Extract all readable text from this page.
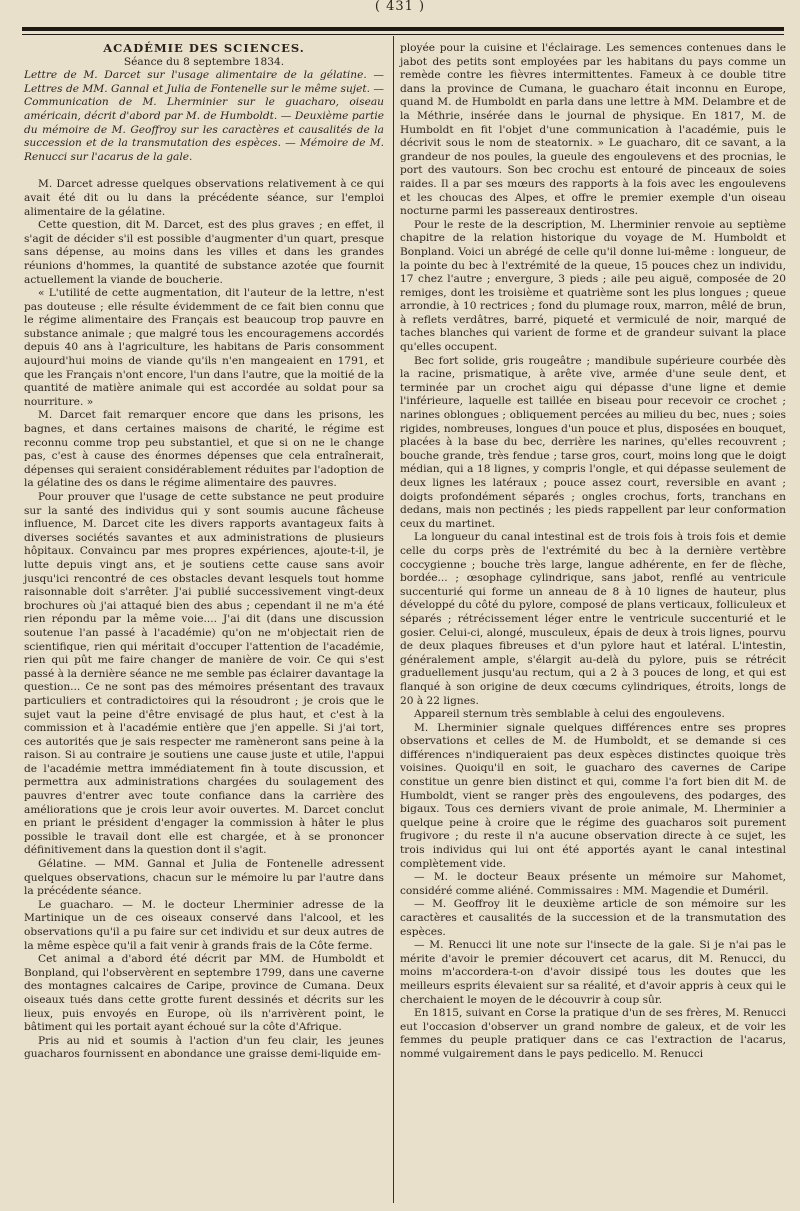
( 431 )

ACADÉMIE DES SCIENCES.

Séance du 8 septembre 1834.

Lettre de M. Darcet sur l'usage alimentaire de la gélatine. — Lettres de MM. Gannal et Julia de Fontenelle sur le même sujet. — Communication de M. Lherminier sur le guacharo, oiseau américain, décrit d'abord par M. de Humboldt. — Deuxième partie du mémoire de M. Geoffroy sur les caractères et causalités de la succession et de la transmutation des espèces. — Mémoire de M. Renucci sur l'acarus de la gale.

M. Darcet adresse quelques observations relativement à ce qui avait été dit ou lu dans la précédente séance, sur l'emploi alimentaire de la gélatine.

Cette question, dit M. Darcet, est des plus graves ; en effet, il s'agit de décider s'il est possible d'augmenter d'un quart, presque sans dépense, au moins dans les villes et dans les grandes réunions d'hommes, la quantité de substance azotée que fournit actuellement la viande de boucherie.

« L'utilité de cette augmentation, dit l'auteur de la lettre, n'est pas douteuse ; elle résulte évidemment de ce fait bien connu que le régime alimentaire des Français est beaucoup trop pauvre en substance animale ; que malgré tous les encouragemens accordés depuis 40 ans à l'agriculture, les habitans de Paris consomment aujourd'hui moins de viande qu'ils n'en mangeaient en 1791, et que les Français n'ont encore, l'un dans l'autre, que la moitié de la quantité de matière animale qui est accordée au soldat pour sa nourriture. »

M. Darcet fait remarquer encore que dans les prisons, les bagnes, et dans certaines maisons de charité, le régime est reconnu comme trop peu substantiel, et que si on ne le change pas, c'est à cause des énormes dépenses que cela entraînerait, dépenses qui seraient considérablement réduites par l'adoption de la gélatine des os dans le régime alimentaire des pauvres.

Pour prouver que l'usage de cette substance ne peut produire sur la santé des individus qui y sont soumis aucune fâcheuse influence, M. Darcet cite les divers rapports avantageux faits à diverses sociétés savantes et aux administrations de plusieurs hôpitaux. Convaincu par mes propres expériences, ajoute-t-il, je lutte depuis vingt ans, et je soutiens cette cause sans avoir jusqu'ici rencontré de ces obstacles devant lesquels tout homme raisonnable doit s'arrêter. J'ai publié successivement vingt-deux brochures où j'ai attaqué bien des abus ; cependant il ne m'a été rien répondu par la même voie.... J'ai dit (dans une discussion soutenue l'an passé à l'académie) qu'on ne m'objectait rien de scientifique, rien qui méritait d'occuper l'attention de l'académie, rien qui pût me faire changer de manière de voir. Ce qui s'est passé à la dernière séance ne me semble pas éclairer davantage la question... Ce ne sont pas des mémoires présentant des travaux particuliers et contradictoires qui la résoudront ; je crois que le sujet vaut la peine d'être envisagé de plus haut, et c'est à la commission et à l'académie entière que j'en appelle. Si j'ai tort, ces autorités que je sais respecter me ramèneront sans peine à la raison. Si au contraire je soutiens une cause juste et utile, l'appui de l'académie mettra immédiatement fin à toute discussion, et permettra aux administrations chargées du soulagement des pauvres d'entrer avec toute confiance dans la carrière des améliorations que je crois leur avoir ouvertes. M. Darcet conclut en priant le président d'engager la commission à hâter le plus possible le travail dont elle est chargée, et à se prononcer définitivement dans la question dont il s'agit.

Gélatine. — MM. Gannal et Julia de Fontenelle adressent quelques observations, chacun sur le mémoire lu par l'autre dans la précédente séance.

Le guacharo. — M. le docteur Lherminier adresse de la Martinique un de ces oiseaux conservé dans l'alcool, et les observations qu'il a pu faire sur cet individu et sur deux autres de la même espèce qu'il a fait venir à grands frais de la Côte ferme.

Cet animal a d'abord été décrit par MM. de Humboldt et Bonpland, qui l'observèrent en septembre 1799, dans une caverne des montagnes calcaires de Caripe, province de Cumana. Deux oiseaux tués dans cette grotte furent dessinés et décrits sur les lieux, puis envoyés en Europe, où ils n'arrivèrent point, le bâtiment qui les portait ayant échoué sur la côte d'Afrique.

Pris au nid et soumis à l'action d'un feu clair, les jeunes guacharos fournissent en abondance une graisse demi-liquide em-

ployée pour la cuisine et l'éclairage. Les semences contenues dans le jabot des petits sont employées par les habitans du pays comme un remède contre les fièvres intermittentes. Fameux à ce double titre dans la province de Cumana, le guacharo était inconnu en Europe, quand M. de Humboldt en parla dans une lettre à MM. Delambre et de la Méthrie, insérée dans le journal de physique. En 1817, M. de Humboldt en fit l'objet d'une communication à l'académie, puis le décrivit sous le nom de steatornix. » Le guacharo, dit ce savant, a la grandeur de nos poules, la gueule des engoulevens et des procnias, le port des vautours. Son bec crochu est entouré de pinceaux de soies raides. Il a par ses mœurs des rapports à la fois avec les engoulevens et les choucas des Alpes, et offre le premier exemple d'un oiseau nocturne parmi les passereaux dentirostres.

Pour le reste de la description, M. Lherminier renvoie au septième chapitre de la relation historique du voyage de M. Humboldt et Bonpland. Voici un abrégé de celle qu'il donne lui-même : longueur, de la pointe du bec à l'extrémité de la queue, 15 pouces chez un individu, 17 chez l'autre ; envergure, 3 pieds ; aile peu aiguë, composée de 20 remiges, dont les troisième et quatrième sont les plus longues ; queue arrondie, à 10 rectrices ; fond du plumage roux, marron, mêlé de brun, à reflets verdâtres, barré, piqueté et vermiculé de noir, marqué de taches blanches qui varient de forme et de grandeur suivant la place qu'elles occupent.

Bec fort solide, gris rougeâtre ; mandibule supérieure courbée dès la racine, prismatique, à arête vive, armée d'une seule dent, et terminée par un crochet aigu qui dépasse d'une ligne et demie l'inférieure, laquelle est taillée en biseau pour recevoir ce crochet ; narines oblongues ; obliquement percées au milieu du bec, nues ; soies rigides, nombreuses, longues d'un pouce et plus, disposées en bouquet, placées à la base du bec, derrière les narines, qu'elles recouvrent ; bouche grande, très fendue ; tarse gros, court, moins long que le doigt médian, qui a 18 lignes, y compris l'ongle, et qui dépasse seulement de deux lignes les latéraux ; pouce assez court, reversible en avant ; doigts profondément séparés ; ongles crochus, forts, tranchans en dedans, mais non pectinés ; les pieds rappellent par leur conformation ceux du martinet.

La longueur du canal intestinal est de trois fois à trois fois et demie celle du corps près de l'extrémité du bec à la dernière vertèbre coccygienne ; bouche très large, langue adhérente, en fer de flèche, bordée... ; œsophage cylindrique, sans jabot, renflé au ventricule succenturié qui forme un anneau de 8 à 10 lignes de hauteur, plus développé du côté du pylore, composé de plans verticaux, folliculeux et séparés ; rétrécissement léger entre le ventricule succenturié et le gosier. Celui-ci, alongé, musculeux, épais de deux à trois lignes, pourvu de deux plaques fibreuses et d'un pylore haut et latéral. L'intestin, généralement ample, s'élargit au-delà du pylore, puis se rétrécit graduellement jusqu'au rectum, qui a 2 à 3 pouces de long, et qui est flanqué à son origine de deux cœcums cylindriques, étroits, longs de 20 à 22 lignes.

Appareil sternum très semblable à celui des engoulevens.

M. Lherminier signale quelques différences entre ses propres observations et celles de M. de Humboldt, et se demande si ces différences n'indiqueraient pas deux espèces distinctes quoique très voisines. Quoiqu'il en soit, le guacharo des cavernes de Caripe constitue un genre bien distinct et qui, comme l'a fort bien dit M. de Humboldt, vient se ranger près des engoulevens, des podarges, des bigaux. Tous ces derniers vivant de proie animale, M. Lherminier a quelque peine à croire que le régime des guacharos soit purement frugivore ; du reste il n'a aucune observation directe à ce sujet, les trois individus qui lui ont été apportés ayant le canal intestinal complètement vide.

— M. le docteur Beaux présente un mémoire sur Mahomet, considéré comme aliéné. Commissaires : MM. Magendie et Duméril.

— M. Geoffroy lit le deuxième article de son mémoire sur les caractères et causalités de la succession et de la transmutation des espèces.

— M. Renucci lit une note sur l'insecte de la gale. Si je n'ai pas le mérite d'avoir le premier découvert cet acarus, dit M. Renucci, du moins m'accordera-t-on d'avoir dissipé tous les doutes que les meilleurs esprits élevaient sur sa réalité, et d'avoir appris à ceux qui le cherchaient le moyen de le découvrir à coup sûr.

En 1815, suivant en Corse la pratique d'un de ses frères, M. Renucci eut l'occasion d'observer un grand nombre de galeux, et de voir les femmes du peuple pratiquer dans ce cas l'extraction de l'acarus, nommé vulgairement dans le pays pedicello. M. Renucci
